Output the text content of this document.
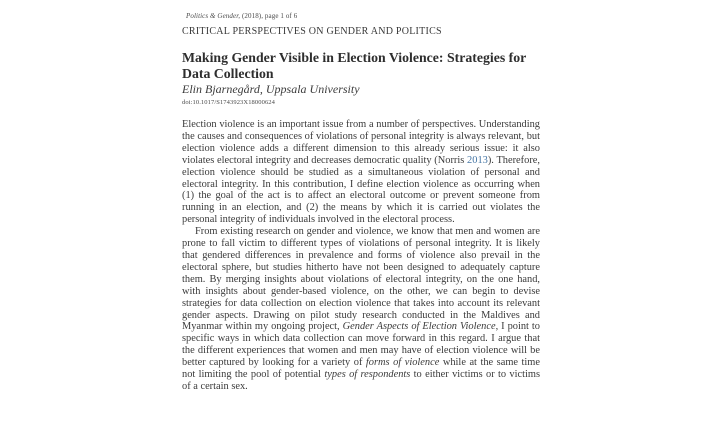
Politics & Gender, (2018), page 1 of 6
CRITICAL PERSPECTIVES ON GENDER AND POLITICS
Making Gender Visible in Election Violence: Strategies for Data Collection
Elin Bjarnegård, Uppsala University
doi:10.1017/S1743923X18000624

Election violence is an important issue from a number of perspectives. Understanding the causes and consequences of violations of personal integrity is always relevant, but election violence adds a different dimension to this already serious issue: it also violates electoral integrity and decreases democratic quality (Norris 2013). Therefore, election violence should be studied as a simultaneous violation of personal and electoral integrity. In this contribution, I define election violence as occurring when (1) the goal of the act is to affect an electoral outcome or prevent someone from running in an election, and (2) the means by which it is carried out violates the personal integrity of individuals involved in the electoral process.

From existing research on gender and violence, we know that men and women are prone to fall victim to different types of violations of personal integrity. It is likely that gendered differences in prevalence and forms of violence also prevail in the electoral sphere, but studies hitherto have not been designed to adequately capture them. By merging insights about violations of electoral integrity, on the one hand, with insights about gender-based violence, on the other, we can begin to devise strategies for data collection on election violence that takes into account its relevant gender aspects. Drawing on pilot study research conducted in the Maldives and Myanmar within my ongoing project, Gender Aspects of Election Violence, I point to specific ways in which data collection can move forward in this regard. I argue that the different experiences that women and men may have of election violence will be better captured by looking for a variety of forms of violence while at the same time not limiting the pool of potential types of respondents to either victims or to victims of a certain sex.
